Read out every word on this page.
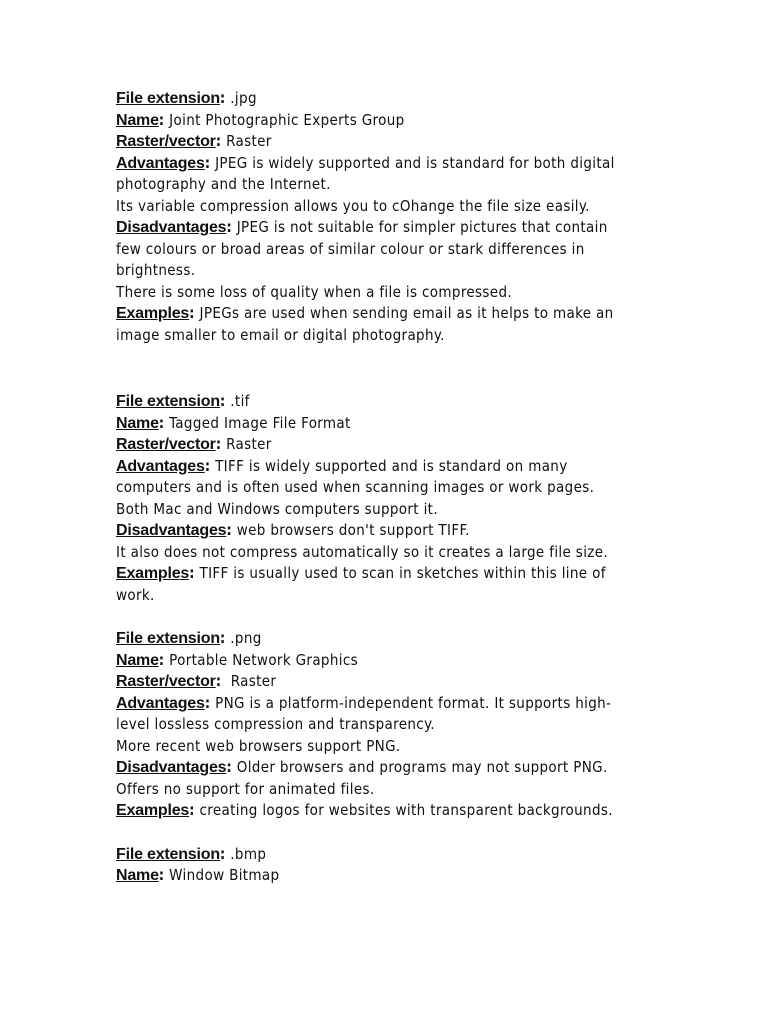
File extension: .jpg

Name: Joint Photographic Experts Group

Raster/vector: Raster

Advantages: JPEG is widely supported and is standard for both digital

photography and the Internet.

Its variable compression allows you to cOhange the file size easily.

Disadvantages: JPEG is not suitable for simpler pictures that contain

few colours or broad areas of similar colour or stark differences in

brightness.

There is some loss of quality when a file is compressed.

Examples: JPEGs are used when sending email as it helps to make an

image smaller to email or digital photography.

File extension: .tif

Name: Tagged Image File Format

Raster/vector: Raster

Advantages: TIFF is widely supported and is standard on many

computers and is often used when scanning images or work pages.

Both Mac and Windows computers support it.

Disadvantages: web browsers don't support TIFF.

It also does not compress automatically so it creates a large file size.

Examples: TIFF is usually used to scan in sketches within this line of

work.

File extension: .png

Name: Portable Network Graphics

Raster/vector:  Raster

Advantages: PNG is a platform-independent format. It supports high-

level lossless compression and transparency.

More recent web browsers support PNG.

Disadvantages: Older browsers and programs may not support PNG.

Offers no support for animated files.

Examples: creating logos for websites with transparent backgrounds.

File extension: .bmp

Name: Window Bitmap
